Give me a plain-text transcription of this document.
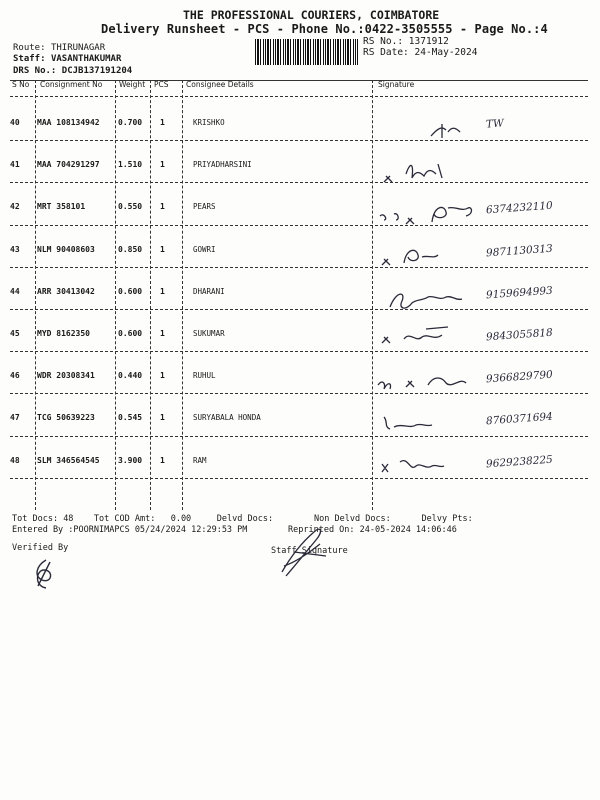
THE PROFESSIONAL COURIERS, COIMBATORE
Delivery Runsheet - PCS - Phone No.:0422-3505555 - Page No.:4
Route: THIRUNAGAR
Staff: VASANTHAKUMAR
DRS No.: DCJB137191204
RS No.: 1371912
RS Date: 24-May-2024
S No Consignment No Weight PCS Consignee Details	Signature
40 MAA 108134942 0.700 1	KRISHKO	TW
41 MAA 704291297 1.510 1	PRIYADHARSINI
42 MRT 358101	0.550 1	PEARS	6374232110
43 NLM 90408603	0.850 1	GOWRI	9871130313
44 ARR 30413042	0.600 1	DHARANI	9159694993
45 MYD 8162350	0.600 1	SUKUMAR	9843055818
46 WDR 20308341	0.440 1	RUHUL	9366829790
47 TCG 50639223	0.545 1	SURYABALA HONDA	8760371694
48 SLM 346564545 3.900 1	RAM	9629238225
Tot Docs: 48 Tot COD Amt: 0.00	Delvd Docs:	Non Delvd Docs:	Delvy Pts:
Entered By :POORNIMAPCS 05/24/2024 12:29:53 PM	Reprinted On: 24-05-2024 14:06:46
Verified By	Staff Signature
